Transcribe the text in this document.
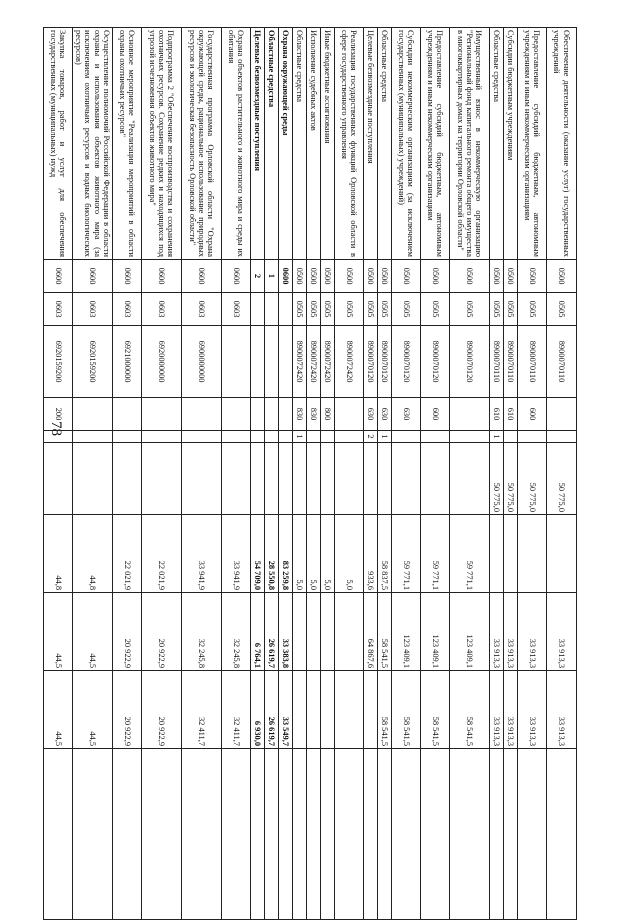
78
Обеспечение деятельности (оказание услуг) государственных учреждений	0500	0505	8900070110			50 775,0		33 913,3	33 913,3	
Предоставление субсидий бюджетным, автономным учреждениям и иным некоммерческим организациям	0500	0505	8900070110	600		50 775,0		33 913,3	33 913,3	
Субсидии бюджетным учреждениям	0500	0505	8900070110	610		50 775,0		33 913,3	33 913,3	
Областные средства	0500	0505	8900070110	610	1	50 775,0		33 913,3	33 913,3	
Имущественный взнос в некоммерческую организацию "Региональный фонд капитального ремонта общего имущества в многоквартирных домах на территории Орловской области"	0500	0505	8900070120				59 771,1	123 409,1	58 541,5	
Предоставление субсидий бюджетным, автономным учреждениям и иным некоммерческим организациям	0500	0505	8900070120	600			59 771,1	123 409,1	58 541,5	
Субсидии некоммерческим организациям (за исключением государственных (муниципальных) учреждений)	0500	0505	8900070120	630			59 771,1	123 409,1	58 541,5	
Областные средства	0500	0505	8900070120	630	1		58 837,5	58 541,5	58 541,5	
Целевые безвозмездные поступления	0500	0505	8900070120	630	2		933,6	64 867,6		
Реализация государственных функций Орловской области в сфере государственного управления	0500	0505	8900072420				5,0			
Иные бюджетные ассигнования	0500	0505	8900072420	800			5,0			
Исполнение судебных актов	0500	0505	8900072420	830			5,0			
Областные средства	0500	0505	8900072420	830	1		5,0			
Охрана окружающей среды	0600						83 259,8	33 383,8	33 549,7	
Областные средства	1						28 550,8	26 619,7	26 619,7	
Целевые безвозмездные поступления	2						54 709,0	6 764,1	6 930,0	
Охрана объектов растительного и животного мира и среды их обитания	0600	0603					33 941,9	32 245,8	32 411,7	
Государственная программа Орловской области "Охрана окружающей среды, рациональное использование природных ресурсов и экологическая безопасность Орловской области"	0600	0603	6900000000				33 941,9	32 245,8	32 411,7	
Подпрограмма 2 "Обеспечение воспроизводства и сохранения охотничьих ресурсов. Сохранение редких и находящихся под угрозой исчезновения объектов животного мира"	0600	0603	6920000000				22 021,9	20 922,9	20 922,9	
Основное мероприятие "Реализация мероприятий в области охраны охотничьих ресурсов"	0600	0603	6921000000				22 021,9	20 922,9	20 922,9	
Осуществление полномочий Российской Федерации в области охраны и использования объектов животного мира (за исключением охотничьих ресурсов и водных биологических ресурсов)	0600	0603	6920159200				44,8	44,5	44,5	
Закупка товаров, работ и услуг для обеспечения государственных (муниципальных) нужд	0600	0603	6920159200	200			44,8	44,5	44,5	
